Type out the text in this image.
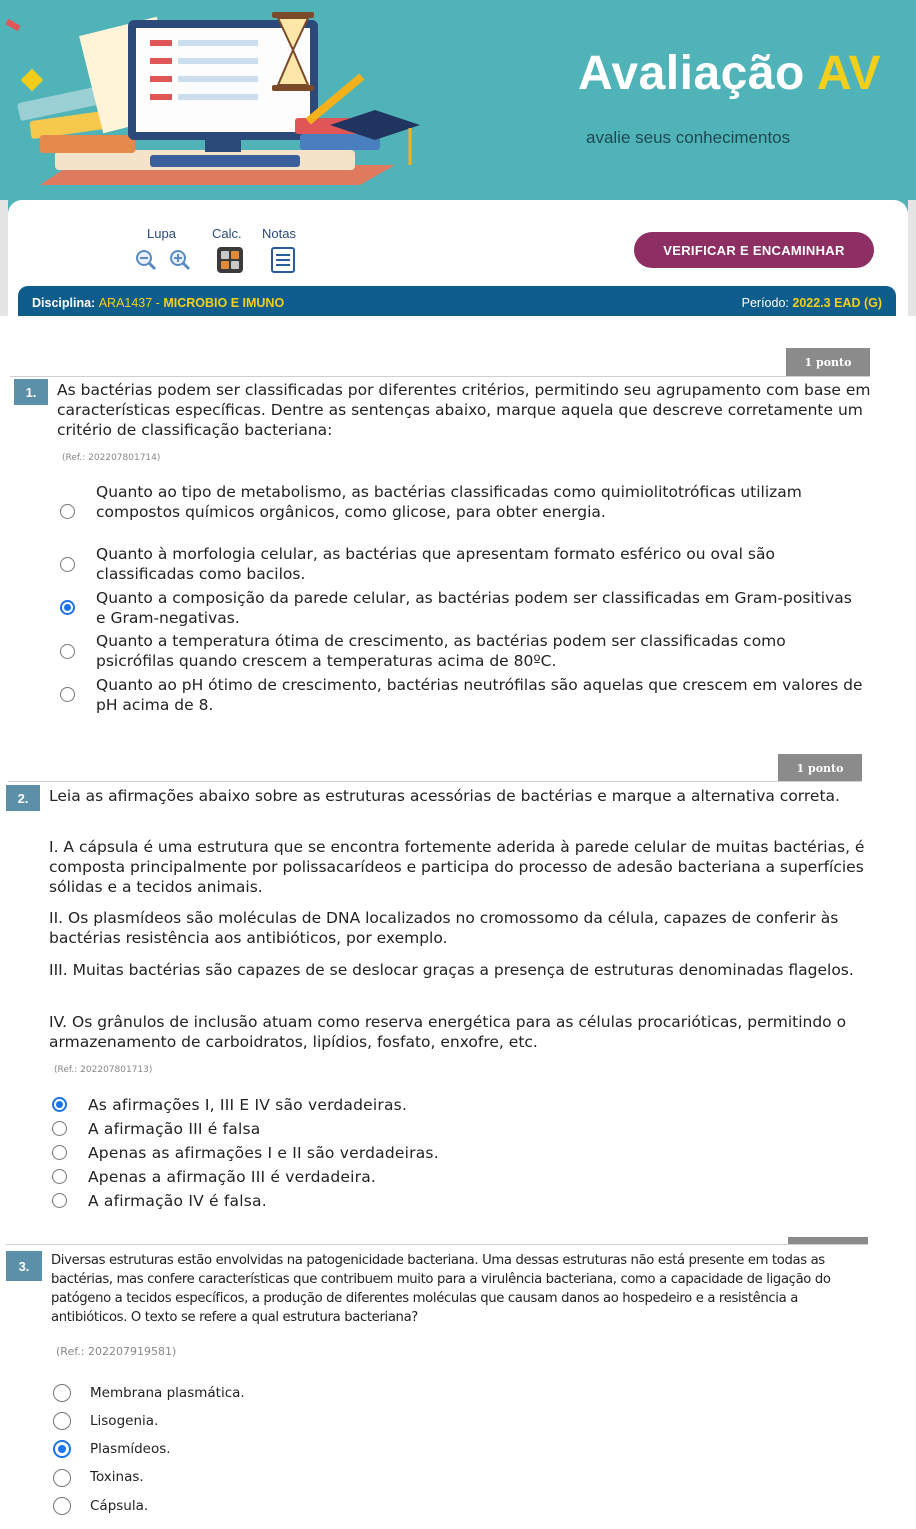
Avaliação AV
avalie seus conhecimentos
Lupa	Calc. Notas
VERIFICAR E ENCAMINHAR
Disciplina: ARA1437 - MICROBIO E IMUNO	Período: 2022.3 EAD (G)
1 ponto
1.	As bactérias podem ser classificadas por diferentes critérios, permitindo seu agrupamento com base em características específicas. Dentre as sentenças abaixo, marque aquela que descreve corretamente um critério de classificação bacteriana:
(Ref.: 202207801714)
Quanto ao tipo de metabolismo, as bactérias classificadas como quimiolitotróficas utilizam compostos químicos orgânicos, como glicose, para obter energia.
Quanto à morfologia celular, as bactérias que apresentam formato esférico ou oval são classificadas como bacilos.
Quanto a composição da parede celular, as bactérias podem ser classificadas em Gram-positivas e Gram-negativas.
Quanto a temperatura ótima de crescimento, as bactérias podem ser classificadas como psicrófilas quando crescem a temperaturas acima de 80ºC.
Quanto ao pH ótimo de crescimento, bactérias neutrófilas são aquelas que crescem em valores de pH acima de 8.
1 ponto
2.	Leia as afirmações abaixo sobre as estruturas acessórias de bactérias e marque a alternativa correta.
I. A cápsula é uma estrutura que se encontra fortemente aderida à parede celular de muitas bactérias, é composta principalmente por polissacarídeos e participa do processo de adesão bacteriana a superfícies sólidas e a tecidos animais.
II. Os plasmídeos são moléculas de DNA localizados no cromossomo da célula, capazes de conferir às bactérias resistência aos antibióticos, por exemplo.
III. Muitas bactérias são capazes de se deslocar graças a presença de estruturas denominadas flagelos.
IV. Os grânulos de inclusão atuam como reserva energética para as células procarióticas, permitindo o armazenamento de carboidratos, lipídios, fosfato, enxofre, etc.
(Ref.: 202207801713)
As afirmações I, III E IV são verdadeiras.
A afirmação III é falsa
Apenas as afirmações I e II são verdadeiras.
Apenas a afirmação III é verdadeira.
A afirmação IV é falsa.
3.	Diversas estruturas estão envolvidas na patogenicidade bacteriana. Uma dessas estruturas não está presente em todas as bactérias, mas confere características que contribuem muito para a virulência bacteriana, como a capacidade de ligação do patógeno a tecidos específicos, a produção de diferentes moléculas que causam danos ao hospedeiro e a resistência a antibióticos. O texto se refere a qual estrutura bacteriana?
(Ref.: 202207919581)
Membrana plasmática.
Lisogenia.
Plasmídeos.
Toxinas.
Cápsula.
